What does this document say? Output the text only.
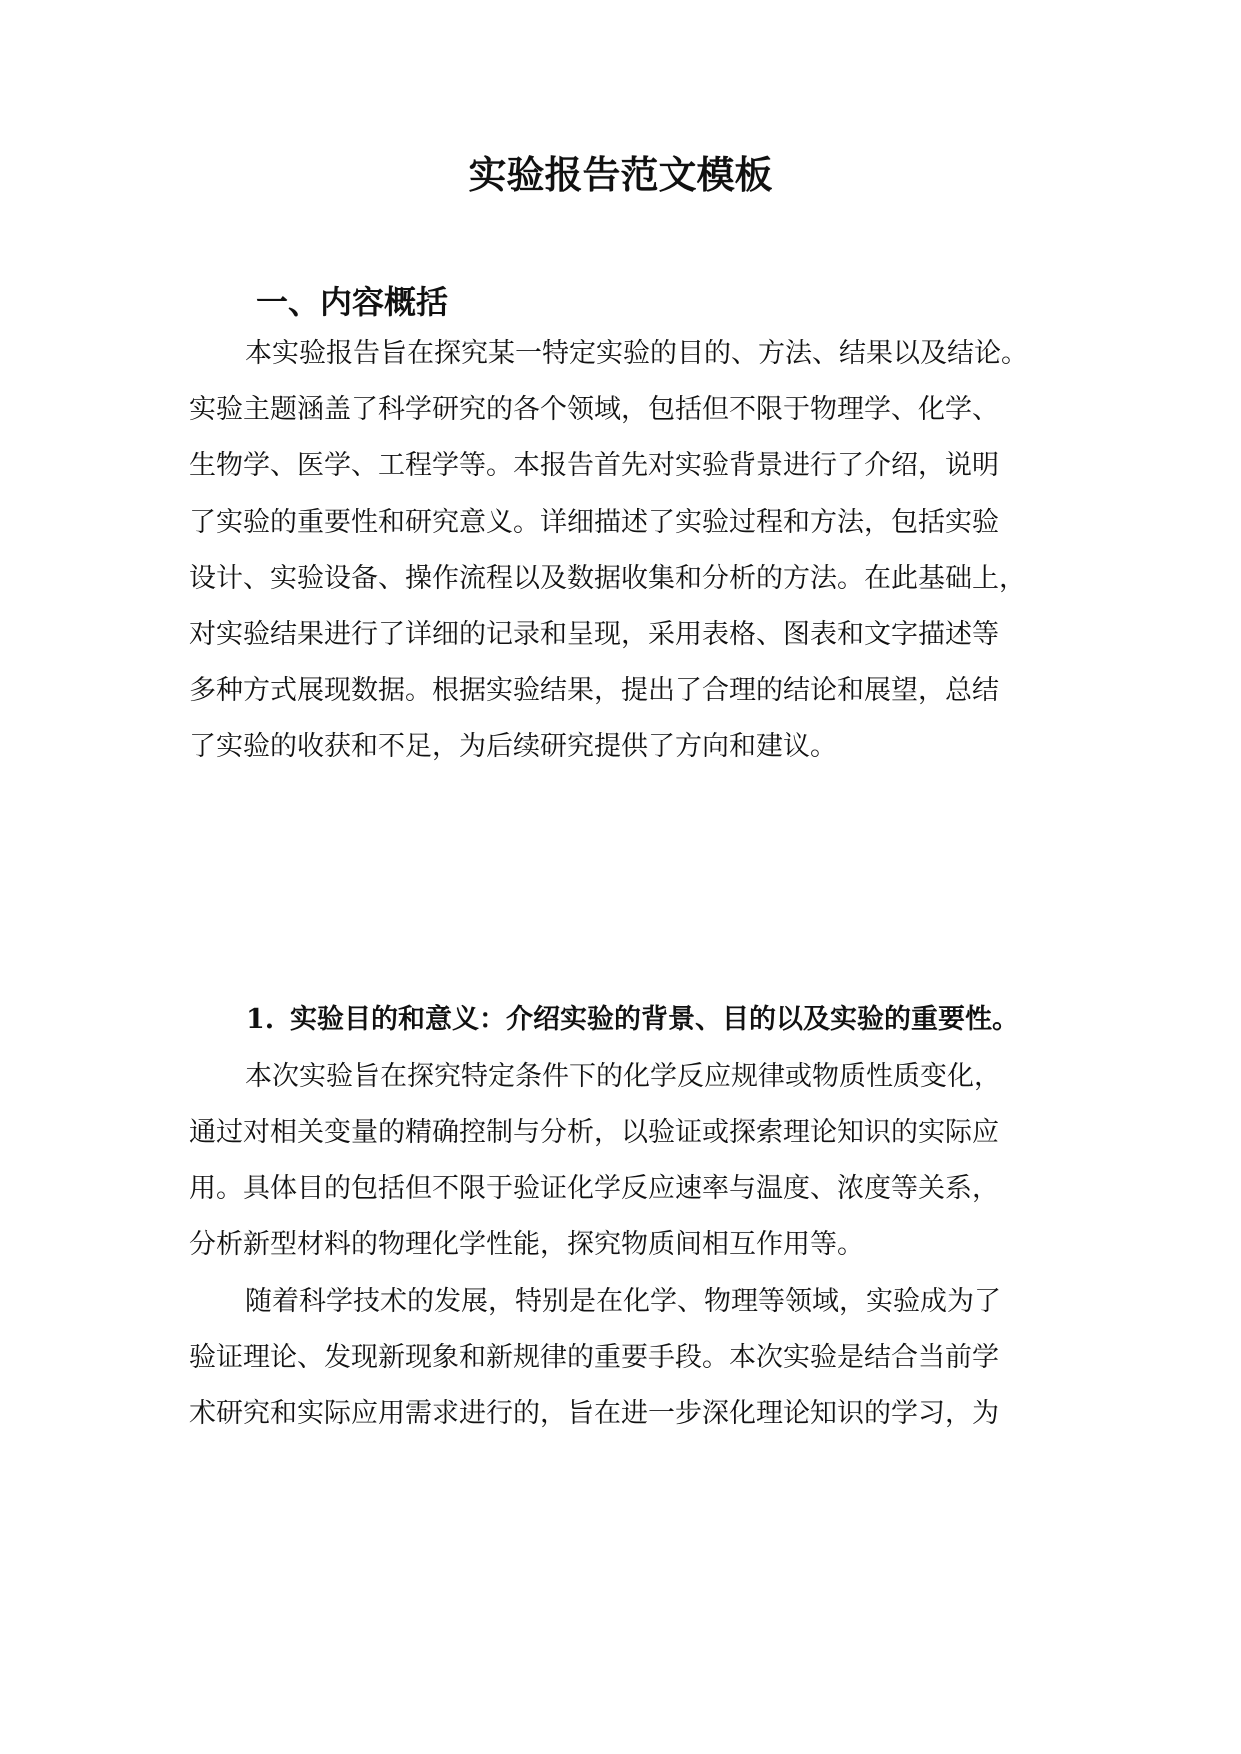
实验报告范文模板
一、内容概括

本实验报告旨在探究某一特定实验的目的、方法、结果以及结论。

实验主题涵盖了科学研究的各个领域，包括但不限于物理学、化学、

生物学、医学、工程学等。本报告首先对实验背景进行了介绍，说明

了实验的重要性和研究意义。详细描述了实验过程和方法，包括实验

设计、实验设备、操作流程以及数据收集和分析的方法。在此基础上，

对实验结果进行了详细的记录和呈现，采用表格、图表和文字描述等

多种方式展现数据。根据实验结果，提出了合理的结论和展望，总结

了实验的收获和不足，为后续研究提供了方向和建议。

1. 实验目的和意义：介绍实验的背景、目的以及实验的重要性。

本次实验旨在探究特定条件下的化学反应规律或物质性质变化，

通过对相关变量的精确控制与分析，以验证或探索理论知识的实际应

用。具体目的包括但不限于验证化学反应速率与温度、浓度等关系，

分析新型材料的物理化学性能，探究物质间相互作用等。

随着科学技术的发展，特别是在化学、物理等领域，实验成为了

验证理论、发现新现象和新规律的重要手段。本次实验是结合当前学

术研究和实际应用需求进行的，旨在进一步深化理论知识的学习，为
